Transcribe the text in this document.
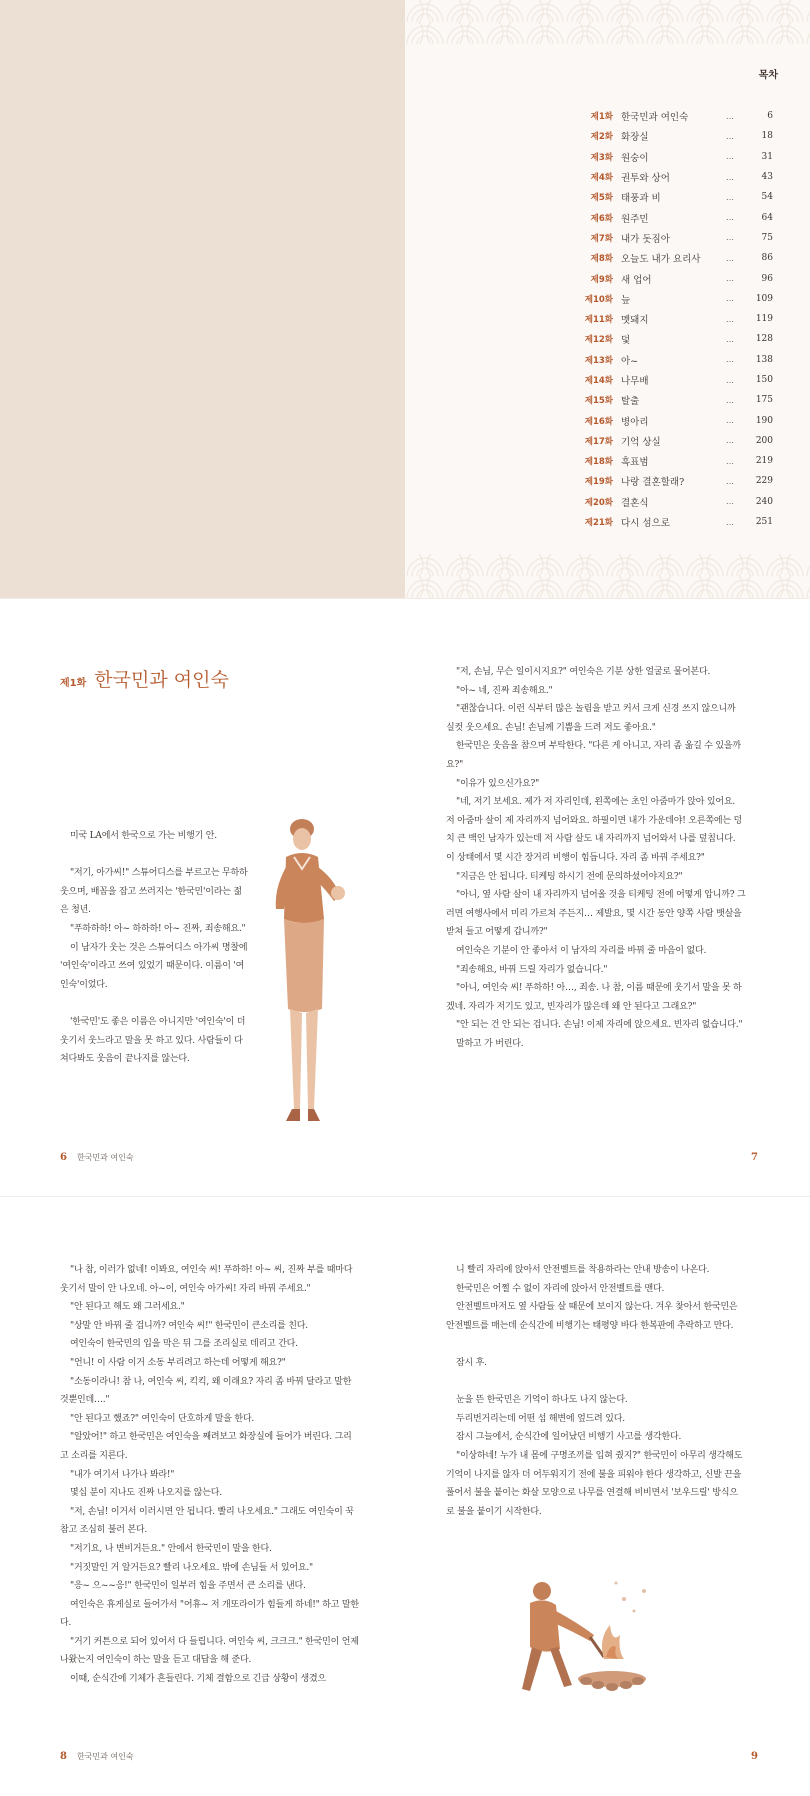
목차
제1화 한국민과 여인숙	…	6
제2화 화장실	…	18
제3화 원숭이	…	31
제4화 권투와 상어	…	43
제5화 태풍과 비	…	54
제6화 원주민	…	64
제7화 내가 돗짐아	…	75
제8화 오늘도 내가 요리사	…	86
제9화 새 업어	…	96
제10화 늪	…	109
제11화 멧돼지	…	119
제12화 덫	…	128
제13화 아~	…	138
제14화 나무배	…	150
제15화 탈출	…	175
제16화 병아리	…	190
제17화 기억 상실	…	200
제18화 흑표범	…	219
제19화 나랑 결혼할래?	…	229
제20화 결혼식	…	240
제21화 다시 섬으로	…	251
제1화 한국민과 여인숙

미국 LA에서 한국으로 가는 비행기 안.

"저기, 아가씨!" 스튜어디스를 부르고는 무하하 웃으며, 배꼽을 잡고 쓰러지는 '한국민'이라는 젊은 청년.

"푸하하하! 아~ 하하하! 아~ 진짜, 죄송해요."

이 남자가 웃는 것은 스튜어디스 아가씨 명찰에 '여인숙'이라고 쓰여 있었기 때문이다. 이름이 '여인숙'이었다.

'한국민'도 좋은 이름은 아니지만 '여인숙'이 더 웃기서 웃느라고 말을 못 하고 있다. 사람들이 다 쳐다봐도 웃음이 끝나지를 않는다.

6 한국민과 여인숙	7

"저, 손님, 무슨 일이시지요?" 여인숙은 기분 상한 얼굴로 물어본다.

"아~ 네, 진짜 죄송해요."

"괜찮습니다. 이런 식부터 많은 놀림을 받고 커서 크게 신경 쓰지 않으니까 실컷 웃으세요. 손님! 손님께 기쁨을 드려 저도 좋아요."

한국민은 웃음을 참으며 부탁한다. "다른 게 아니고, 자리 좀 옮길 수 있을까요?"

"이유가 있으신가요?"

"네, 저기 보세요. 제가 저 자리인데, 왼쪽에는 초인 아줌마가 앉아 있어요. 저 아줌마 살이 제 자리까지 넘어와요. 하필이면 내가 가운데야! 오른쪽에는 덩치 큰 백인 남자가 있는데 저 사람 살도 내 자리까지 넘어와서 나를 덮칩니다. 이 상태에서 몇 시간 장거리 비행이 힘듭니다. 자리 좀 바꿔 주세요?"

"지금은 안 됩니다. 티케팅 하시기 전에 문의하셨어야지요?"

"아니, 옆 사람 살이 내 자리까지 넘어올 것을 티케팅 전에 어떻게 압니까? 그러면 여행사에서 미리 가르쳐 주든지… 제발요, 몇 시간 동안 양쪽 사람 뱃살을 받쳐 들고 어떻게 갑니까?"

여인숙은 기분이 안 좋아서 이 남자의 자리를 바꿔 줄 마음이 없다.

"죄송해요, 바꿔 드릴 자리가 없습니다."

"아니, 여인숙 씨! 푸하하! 아…, 죄송. 나 참, 이름 때문에 웃기서 말을 못 하겠네. 자리가 저기도 있고, 빈자리가 많은데 왜 안 된다고 그래요?"

"안 되는 건 안 되는 겁니다. 손님! 이제 자리에 앉으세요. 빈자리 없습니다."

말하고 가 버린다.

"나 참, 이러가 없네! 이봐요, 여인숙 씨! 푸하하! 아~ 씨, 진짜 부를 때마다 웃기서 말이 안 나오네. 아~이, 여인숙 아가씨! 자리 바꿔 주세요."

"안 된다고 해도 왜 그러세요."

"상말 안 바꿔 줄 겁니까? 여인숙 씨!" 한국민이 큰소리를 친다.

여인숙이 한국민의 입을 막은 뒤 그를 조리실로 데리고 간다.

"언니! 이 사람 이거 소동 부리려고 하는데 어떻게 해요?"

"소동이라니! 참 나, 여인숙 씨, 킥킥, 왜 이래요? 자리 좀 바꿔 달라고 말한 것뿐인데…."

"안 된다고 했죠?" 여인숙이 단호하게 말을 한다.

"알았어!" 하고 한국민은 여인숙을 째려보고 화장실에 들어가 버린다. 그리고 소리를 지른다.

"내가 여기서 나가나 봐라!"

몇십 분이 지나도 진짜 나오지를 않는다.

"저, 손님! 이거서 이러시면 안 됩니다. 빨리 나오세요." 그래도 여인숙이 꾹 참고 조심히 불러 본다.

"저기요, 나 변비거든요." 안에서 한국민이 말을 한다.

"거짓말인 거 알거든요? 빨리 나오세요. 밖에 손님들 서 있어요."

"응~ 으~~응!" 한국민이 일부러 힘을 주면서 큰 소리를 낸다.

여인숙은 휴게실로 들어가서 "어휴~ 저 개또라이가 힘들게 하네!" 하고 말한다.

"거기 커튼으로 되어 있어서 다 들립니다. 여인숙 씨, 크크크." 한국민이 언제 나왔는지 여인숙이 하는 말을 듣고 대답을 해 준다.

이때, 순식간에 기체가 흔들린다. 기체 결함으로 긴급 상황이 생겼으

8 한국민과 여인숙

니 빨리 자리에 앉아서 안전벨트를 착용하라는 안내 방송이 나온다.

한국민은 어쩔 수 없이 자리에 앉아서 안전벨트를 맨다.

안전벨트마저도 옆 사람들 살 때문에 보이지 않는다. 겨우 찾아서 한국민은 안전벨트를 매는데 순식간에 비행기는 태평양 바다 한복판에 추락하고 만다.

잠시 후.

눈을 뜬 한국민은 기억이 하나도 나지 않는다.

두리번거리는데 어떤 섬 해변에 엎드려 있다.

잠시 그늘에서, 순식간에 일어났던 비행기 사고를 생각한다.

"이상하네! 누가 내 몸에 구명조끼를 입혀 줬지?" 한국민이 아무리 생각해도 기억이 나지를 않자 더 어두워지기 전에 불을 피워야 한다 생각하고, 신발 끈을 풀어서 불을 붙이는 화살 모양으로 나무를 연결해 비비면서 '보우드릴' 방식으로 불을 붙이기 시작한다.

9
